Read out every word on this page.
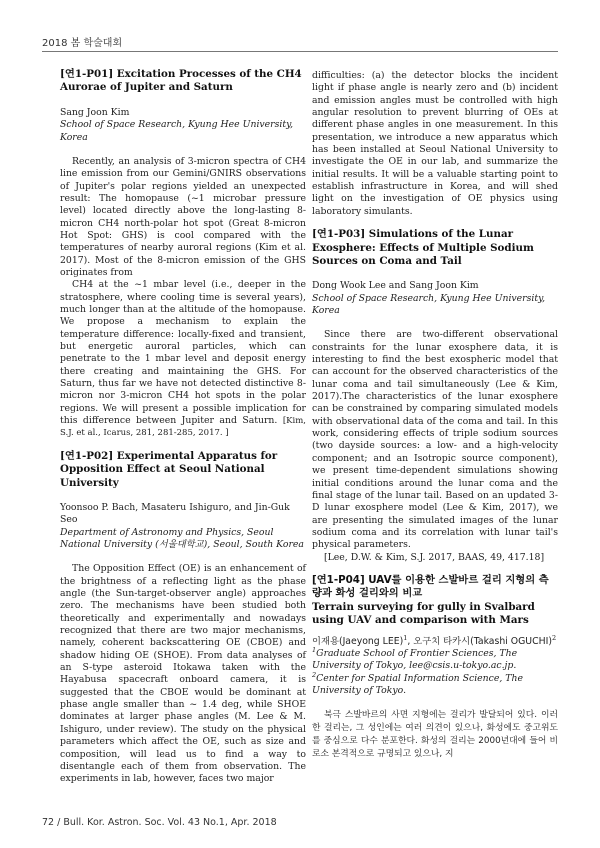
2018 봄 학술대회
[연1-P01] Excitation Processes of the CH4 Aurorae of Jupiter and Saturn

Sang Joon Kim

School of Space Research, Kyung Hee University, Korea

Recently, an analysis of 3-micron spectra of CH4 line emission from our Gemini/GNIRS observations of Jupiter's polar regions yielded an unexpected result: The homopause (~1 microbar pressure level) located directly above the long-lasting 8-micron CH4 north-polar hot spot (Great 8-micron Hot Spot: GHS) is cool compared with the temperatures of nearby auroral regions (Kim et al. 2017). Most of the 8-micron emission of the GHS originates from

CH4 at the ~1 mbar level (i.e., deeper in the stratosphere, where cooling time is several years), much longer than at the altitude of the homopause. We propose a mechanism to explain the temperature difference: locally-fixed and transient, but energetic auroral particles, which can penetrate to the 1 mbar level and deposit energy there creating and maintaining the GHS. For Saturn, thus far we have not detected distinctive 8-micron nor 3-micron CH4 hot spots in the polar regions. We will present a possible implication for this difference between Jupiter and Saturn. [Kim, S.J. et al., Icarus, 281, 281-285, 2017. ]

[연1-P02] Experimental Apparatus for Opposition Effect at Seoul National University

Yoonsoo P. Bach, Masateru Ishiguro, and Jin-Guk Seo

Department of Astronomy and Physics, Seoul National University (서울대학교), Seoul, South Korea

The Opposition Effect (OE) is an enhancement of the brightness of a reflecting light as the phase angle (the Sun-target-observer angle) approaches zero. The mechanisms have been studied both theoretically and experimentally and nowadays recognized that there are two major mechanisms, namely, coherent backscattering OE (CBOE) and shadow hiding OE (SHOE). From data analyses of an S-type asteroid Itokawa taken with the Hayabusa spacecraft onboard camera, it is suggested that the CBOE would be dominant at phase angle smaller than ~ 1.4 deg, while SHOE dominates at larger phase angles (M. Lee & M. Ishiguro, under review). The study on the physical parameters which affect the OE, such as size and composition, will lead us to find a way to disentangle each of them from observation. The experiments in lab, however, faces two major

difficulties: (a) the detector blocks the incident light if phase angle is nearly zero and (b) incident and emission angles must be controlled with high angular resolution to prevent blurring of OEs at different phase angles in one measurement. In this presentation, we introduce a new apparatus which has been installed at Seoul National University to investigate the OE in our lab, and summarize the initial results. It will be a valuable starting point to establish infrastructure in Korea, and will shed light on the investigation of OE physics using laboratory simulants.

[연1-P03] Simulations of the Lunar Exosphere: Effects of Multiple Sodium Sources on Coma and Tail

Dong Wook Lee and Sang Joon Kim

School of Space Research, Kyung Hee University, Korea

Since there are two-different observational constraints for the lunar exosphere data, it is interesting to find the best exospheric model that can account for the observed characteristics of the lunar coma and tail simultaneously (Lee & Kim, 2017).The characteristics of the lunar exosphere can be constrained by comparing simulated models with observational data of the coma and tail. In this work, considering effects of triple sodium sources (two dayside sources: a low- and a high-velocity component; and an Isotropic source component), we present time-dependent simulations showing initial conditions around the lunar coma and the final stage of the lunar tail. Based on an updated 3-D lunar exosphere model (Lee & Kim, 2017), we are presenting the simulated images of the lunar sodium coma and its correlation with lunar tail's physical parameters.

[Lee, D.W. & Kim, S.J. 2017, BAAS, 49, 417.18]

[연1-P04] UAV를 이용한 스발바르 걸리 지형의 측량과 화성 걸리와의 비교
Terrain surveying for gully in Svalbard using UAV and comparison with Mars

이재용(Jaeyong LEE)$^1$, 오구치 타카시(Takashi OGUCHI)$^2$

$^1$Graduate School of Frontier Sciences, The University of Tokyo, lee@csis.u-tokyo.ac.jp.

$^2$Center for Spatial Information Science, The University of Tokyo.

북극 스발바르의 사면 지형에는 걸리가 발달되어 있다. 이러한 걸리는, 그 성인에는 여러 의견이 있으나, 화성에도 중고위도를 중심으로 다수 분포한다. 화성의 걸리는 2000년대에 들어 비로소 본격적으로 규명되고 있으나, 지

72 / Bull. Kor. Astron. Soc. Vol. 43 No.1, Apr. 2018
